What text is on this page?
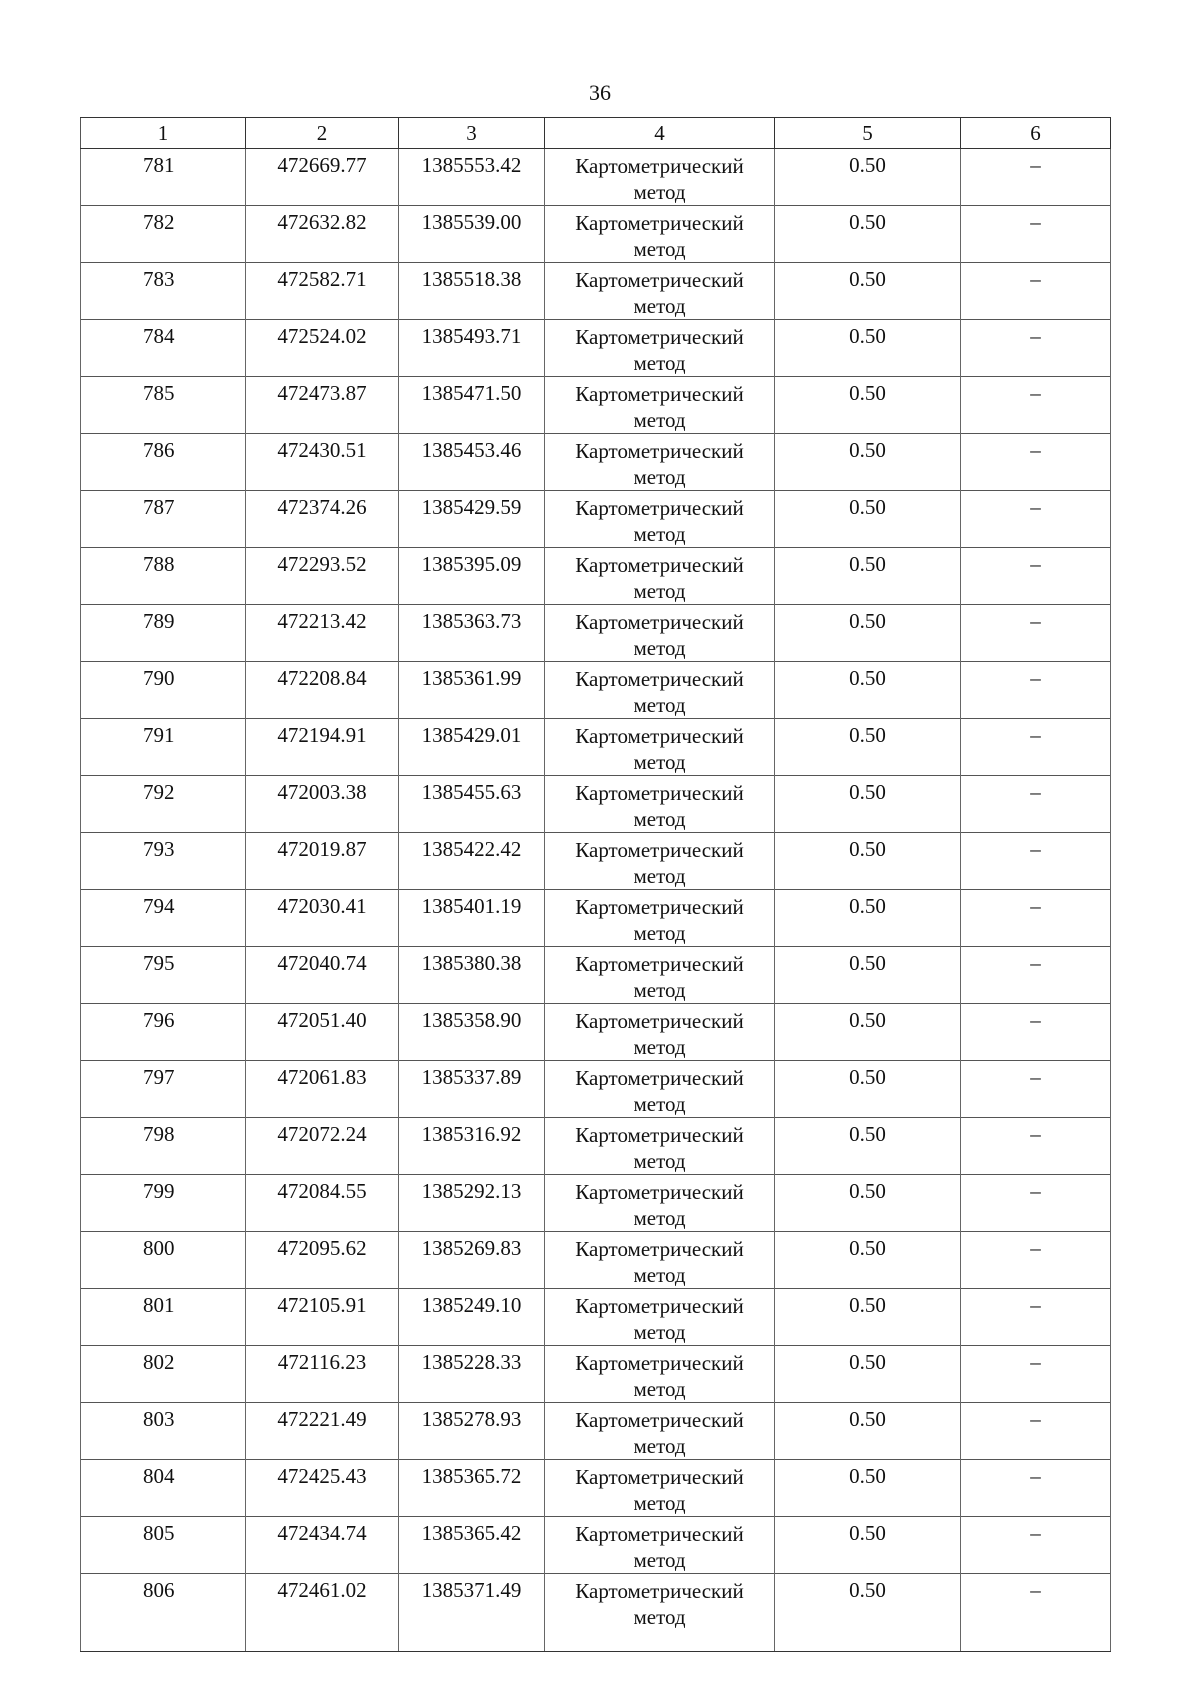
36
1	2	3	4	5	6
781	472669.77	1385553.42	Картометрический метод	0.50	–
782	472632.82	1385539.00	Картометрический метод	0.50	–
783	472582.71	1385518.38	Картометрический метод	0.50	–
784	472524.02	1385493.71	Картометрический метод	0.50	–
785	472473.87	1385471.50	Картометрический метод	0.50	–
786	472430.51	1385453.46	Картометрический метод	0.50	–
787	472374.26	1385429.59	Картометрический метод	0.50	–
788	472293.52	1385395.09	Картометрический метод	0.50	–
789	472213.42	1385363.73	Картометрический метод	0.50	–
790	472208.84	1385361.99	Картометрический метод	0.50	–
791	472194.91	1385429.01	Картометрический метод	0.50	–
792	472003.38	1385455.63	Картометрический метод	0.50	–
793	472019.87	1385422.42	Картометрический метод	0.50	–
794	472030.41	1385401.19	Картометрический метод	0.50	–
795	472040.74	1385380.38	Картометрический метод	0.50	–
796	472051.40	1385358.90	Картометрический метод	0.50	–
797	472061.83	1385337.89	Картометрический метод	0.50	–
798	472072.24	1385316.92	Картометрический метод	0.50	–
799	472084.55	1385292.13	Картометрический метод	0.50	–
800	472095.62	1385269.83	Картометрический метод	0.50	–
801	472105.91	1385249.10	Картометрический метод	0.50	–
802	472116.23	1385228.33	Картометрический метод	0.50	–
803	472221.49	1385278.93	Картометрический метод	0.50	–
804	472425.43	1385365.72	Картометрический метод	0.50	–
805	472434.74	1385365.42	Картометрический метод	0.50	–
806	472461.02	1385371.49	Картометрический метод	0.50	–
